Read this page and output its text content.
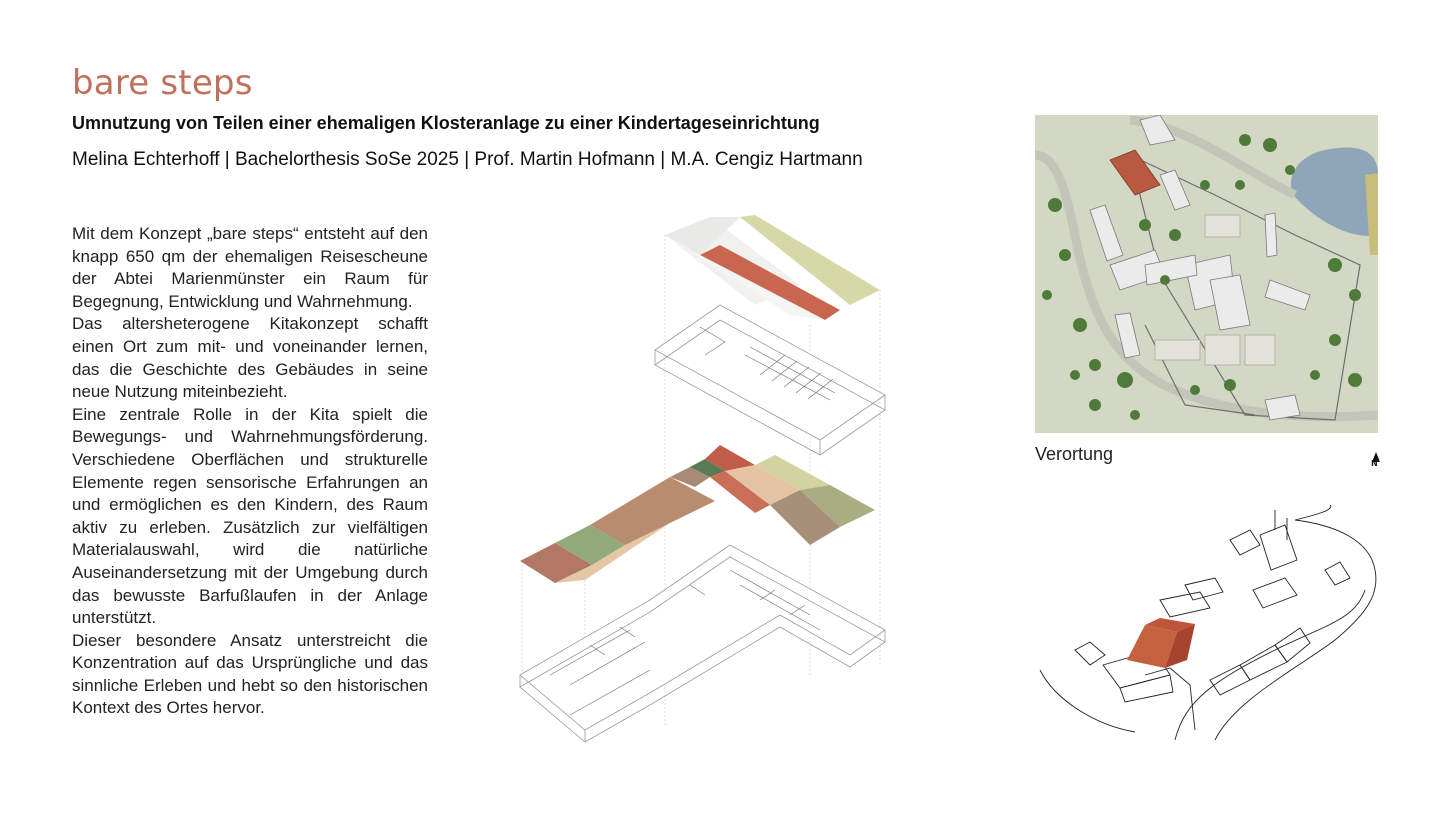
bare steps
Umnutzung von Teilen einer ehemaligen Klosteranlage zu einer Kindertageseinrichtung
Melina Echterhoff | Bachelorthesis SoSe 2025 | Prof. Martin Hofmann | M.A. Cengiz Hartmann

Mit dem Konzept „bare steps“ entsteht auf den knapp 650 qm der ehemaligen Reisescheune der Abtei Marienmünster ein Raum für Begegnung, Entwicklung und Wahrnehmung.

Das altersheterogene Kitakonzept schafft einen Ort zum mit- und voneinander lernen, das die Geschichte des Gebäudes in seine neue Nutzung miteinbezieht.

Eine zentrale Rolle in der Kita spielt die Bewegungs- und Wahrnehmungsförderung. Verschiedene Oberflächen und strukturelle Elemente regen sensorische Erfahrungen an und ermöglichen es den Kindern, des Raum aktiv zu erleben. Zusätzlich zur vielfältigen Materialauswahl, wird die natürliche Auseinandersetzung mit der Umgebung durch das bewusste Barfußlaufen in der Anlage unterstützt.

Dieser besondere Ansatz unterstreicht die Konzentration auf das Ursprüngliche und das sinnliche Erleben und hebt so den historischen Kontext des Ortes hervor.

Verortung	N
